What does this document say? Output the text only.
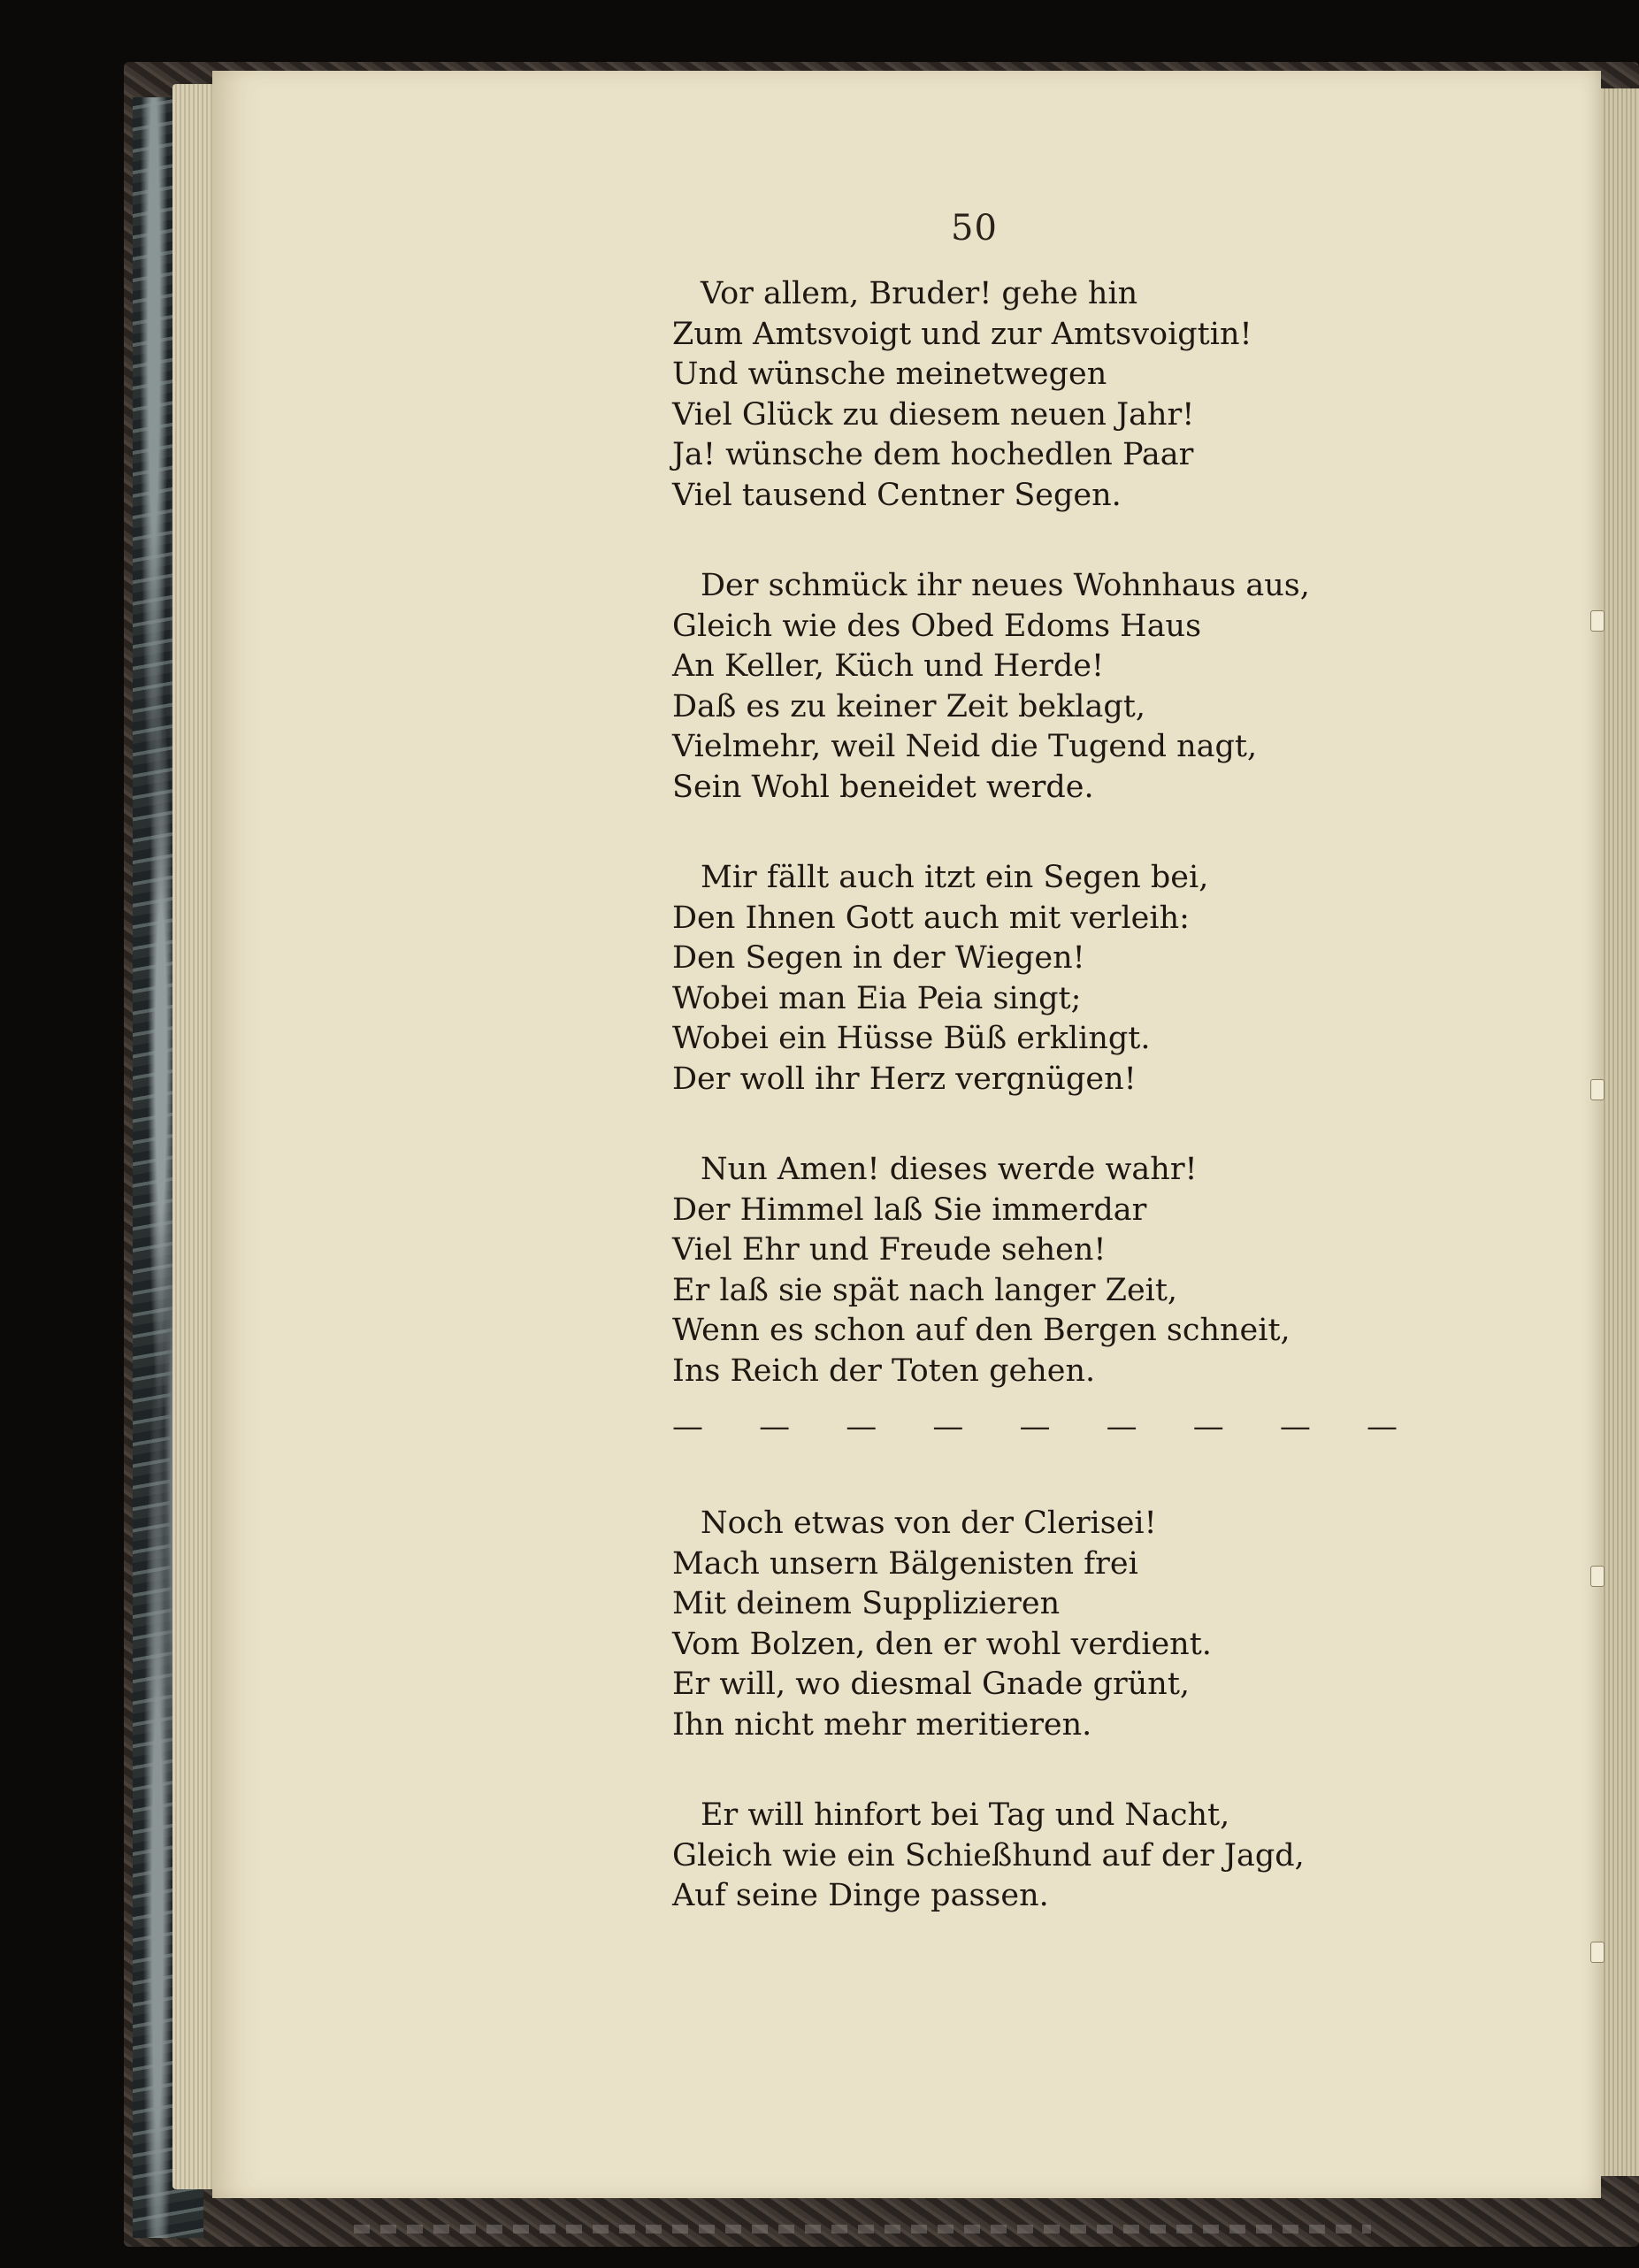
50
Vor allem, Bruder! gehe hin
Zum Amtsvoigt und zur Amtsvoigtin!
Und wünsche meinetwegen
Viel Glück zu diesem neuen Jahr!
Ja! wünsche dem hochedlen Paar
Viel tausend Centner Segen.
Der schmück ihr neues Wohnhaus aus,
Gleich wie des Obed Edoms Haus
An Keller, Küch und Herde!
Daß es zu keiner Zeit beklagt,
Vielmehr, weil Neid die Tugend nagt,
Sein Wohl beneidet werde.
Mir fällt auch itzt ein Segen bei,
Den Ihnen Gott auch mit verleih:
Den Segen in der Wiegen!
Wobei man Eia Peia singt;
Wobei ein Hüsse Büß erklingt.
Der woll ihr Herz vergnügen!
Nun Amen! dieses werde wahr!
Der Himmel laß Sie immerdar
Viel Ehr und Freude sehen!
Er laß sie spät nach langer Zeit,
Wenn es schon auf den Bergen schneit,
Ins Reich der Toten gehen.
— — — — — — — — —
Noch etwas von der Clerisei!
Mach unsern Bälgenisten frei
Mit deinem Supplizieren
Vom Bolzen, den er wohl verdient.
Er will, wo diesmal Gnade grünt,
Ihn nicht mehr meritieren.
Er will hinfort bei Tag und Nacht,
Gleich wie ein Schießhund auf der Jagd,
Auf seine Dinge passen.
